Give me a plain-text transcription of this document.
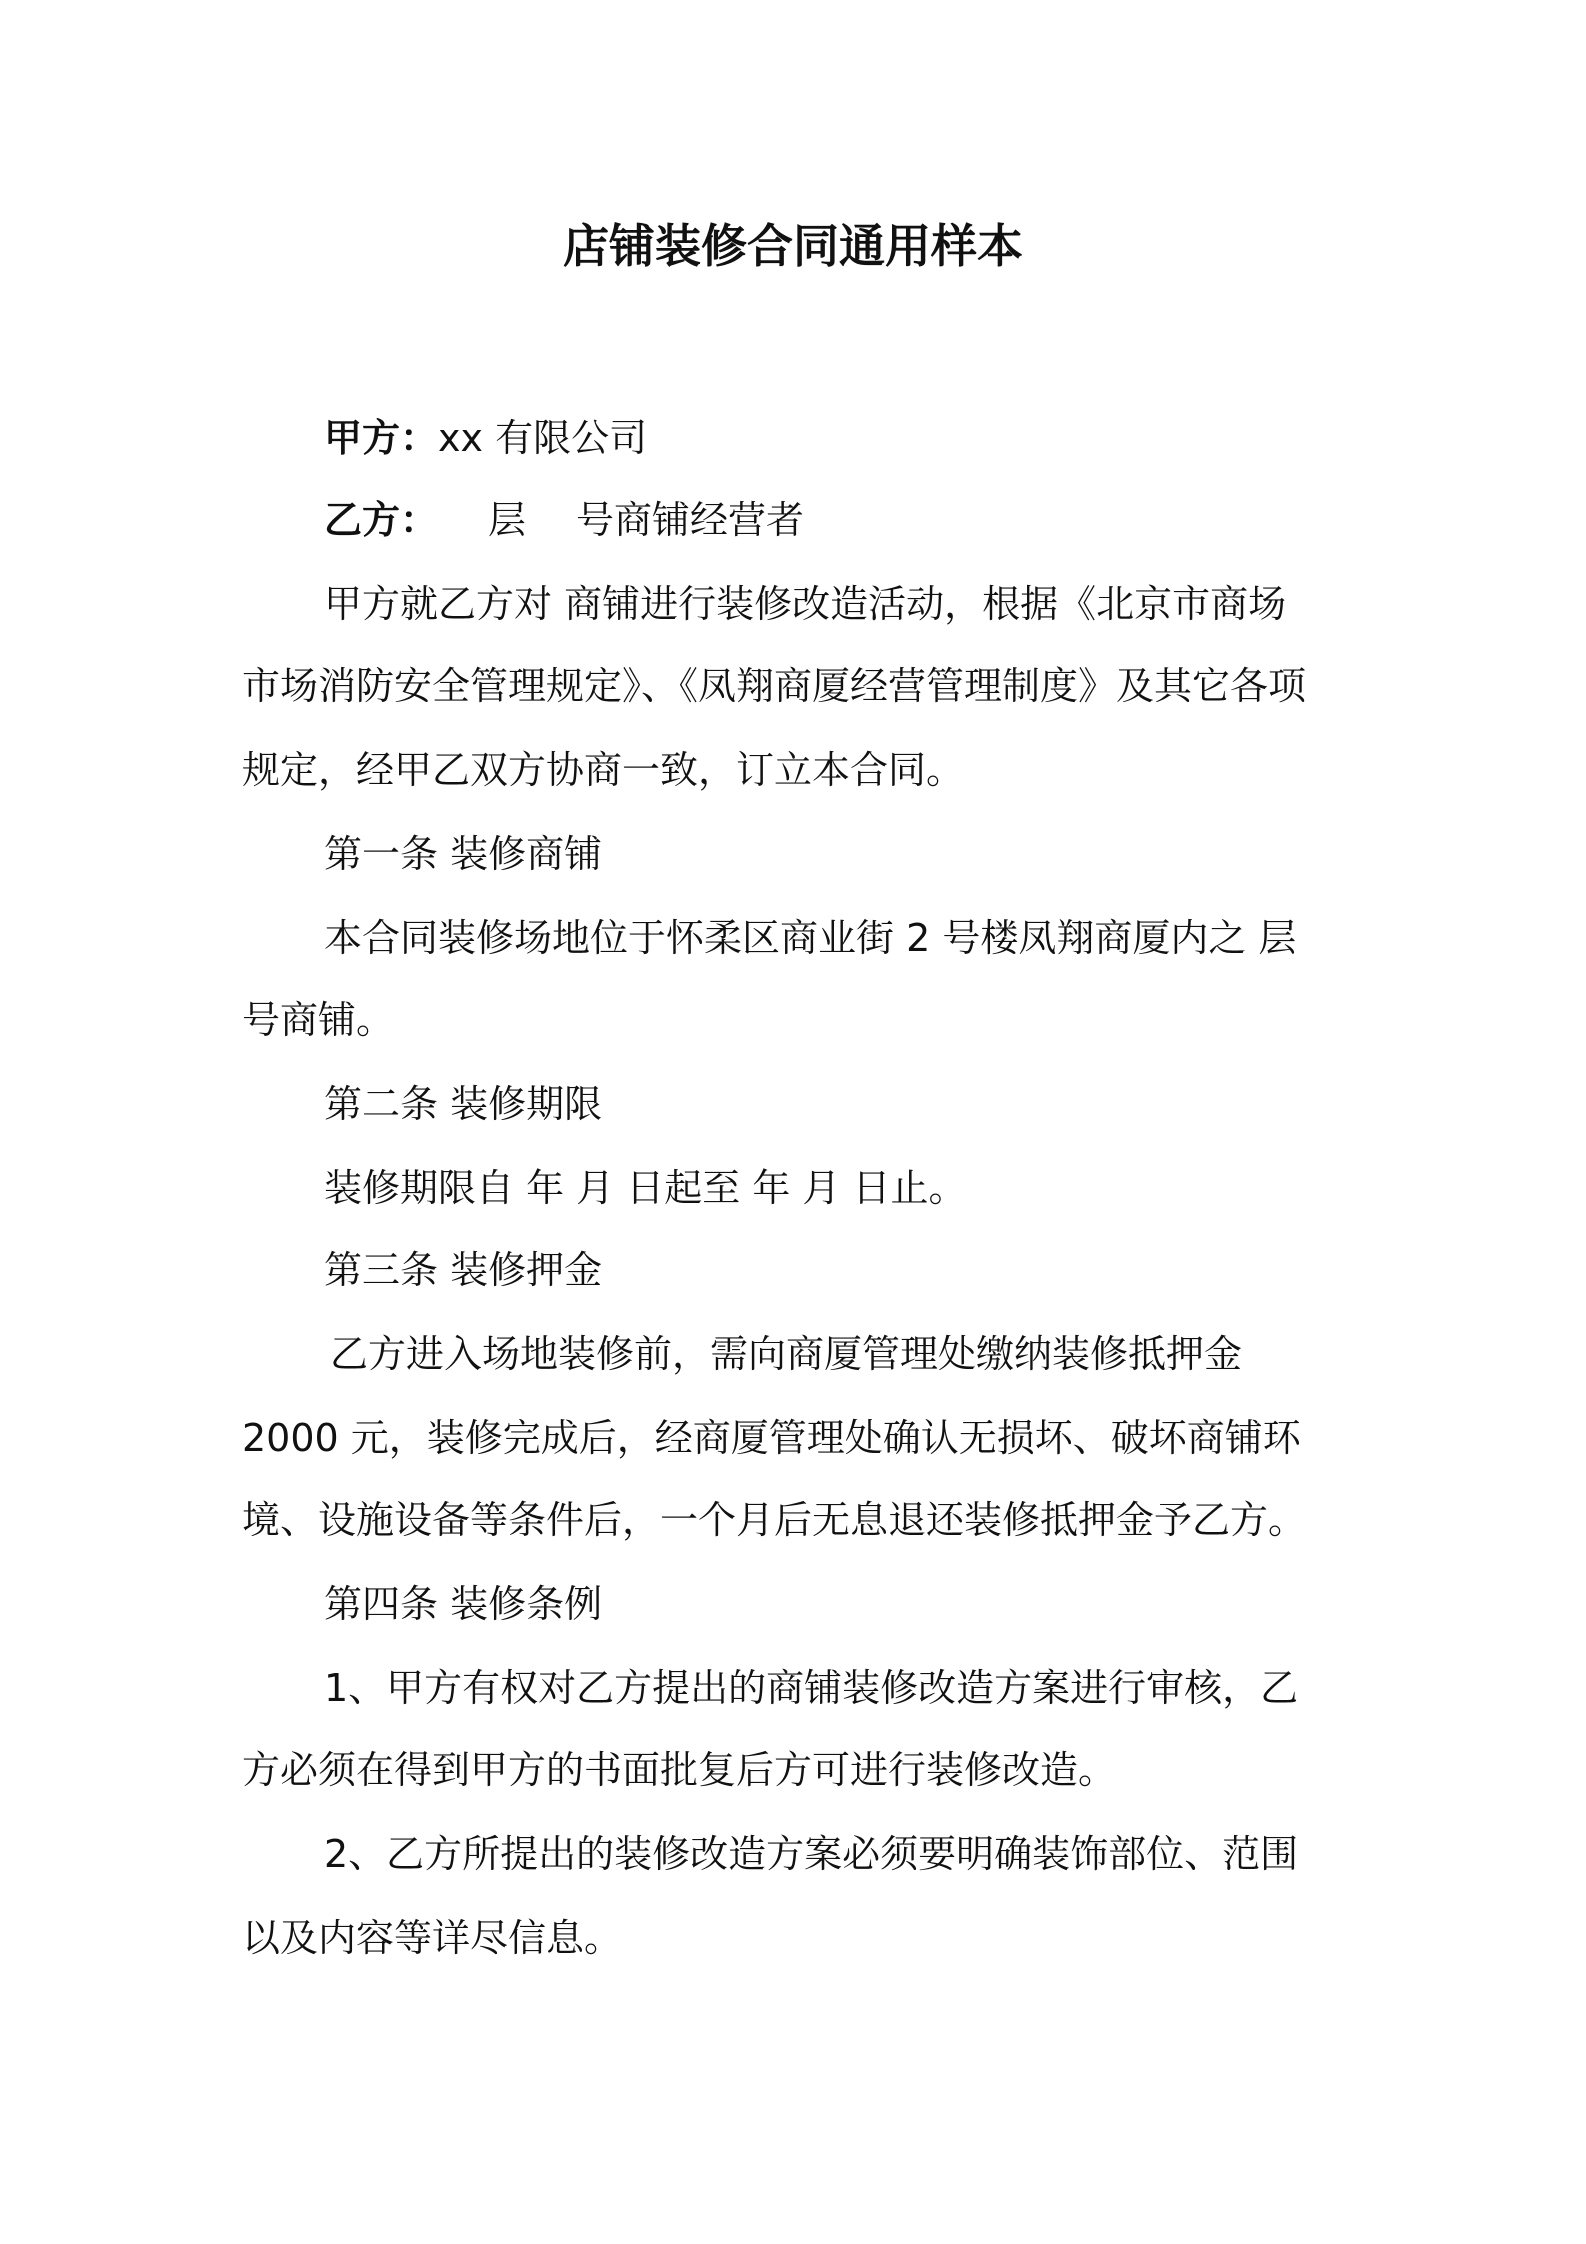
店铺装修合同通用样本
甲方：xx 有限公司
乙方： 层 号商铺经营者
甲方就乙方对 商铺进行装修改造活动，根据《北京市商场
市场消防安全管理规定》、《凤翔商厦经营管理制度》及其它各项
规定，经甲乙双方协商一致，订立本合同。
第一条 装修商铺
本合同装修场地位于怀柔区商业街 2 号楼凤翔商厦内之 层
号商铺。
第二条 装修期限
装修期限自 年 月 日起至 年 月 日止。
第三条 装修押金
乙方进入场地装修前，需向商厦管理处缴纳装修抵押金
2000 元，装修完成后，经商厦管理处确认无损坏、破坏商铺环
境、设施设备等条件后，一个月后无息退还装修抵押金予乙方。
第四条 装修条例
1、甲方有权对乙方提出的商铺装修改造方案进行审核，乙
方必须在得到甲方的书面批复后方可进行装修改造。
2、乙方所提出的装修改造方案必须要明确装饰部位、范围
以及内容等详尽信息。
